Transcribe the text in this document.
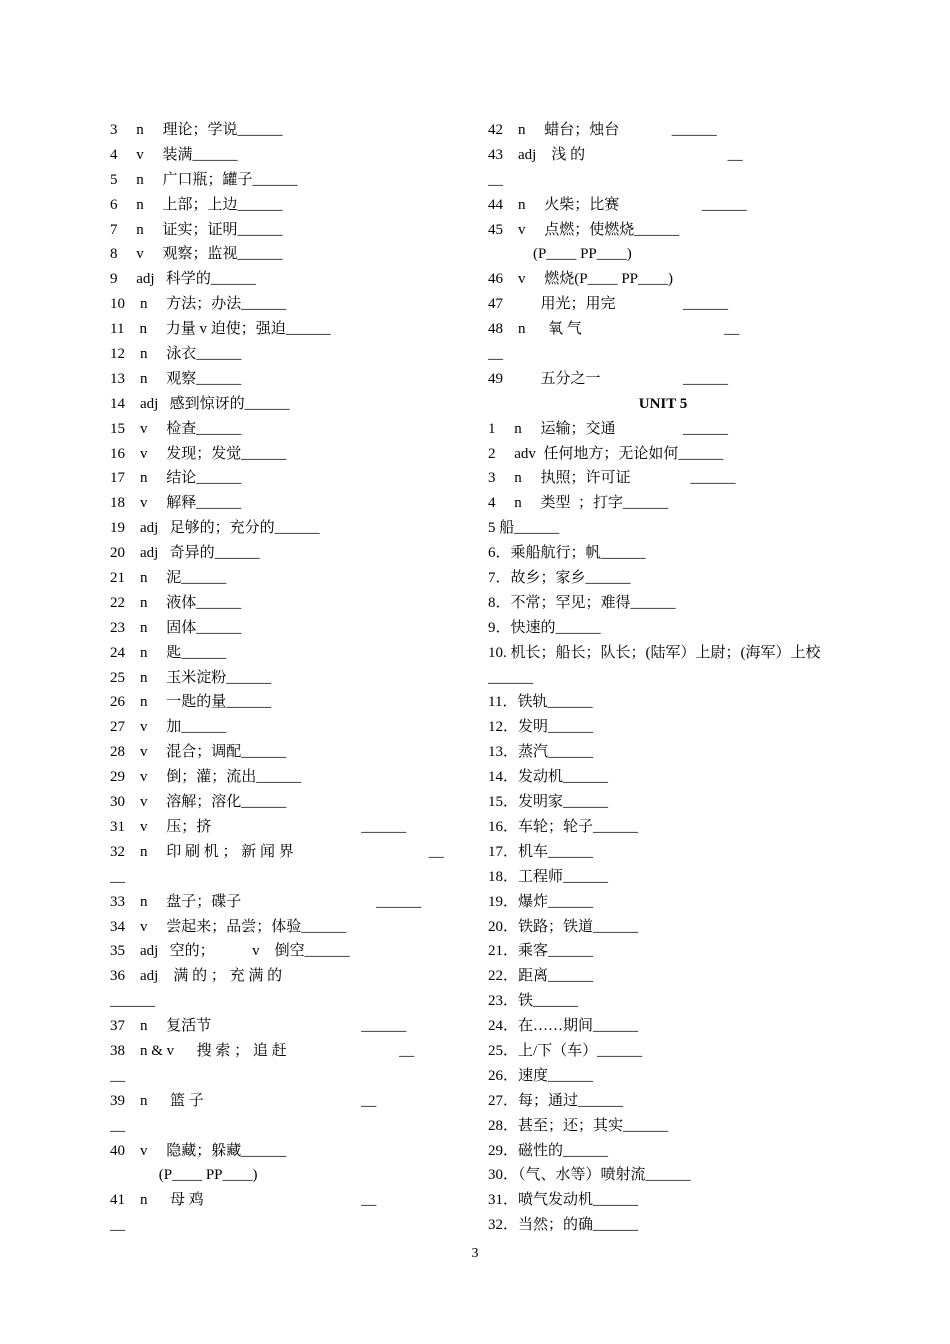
3     n     理论；学说______
4     v     装满______
5     n     广口瓶；罐子______
6     n     上部；上边______
7     n     证实；证明______
8     v     观察；监视______
9     adj   科学的______
10    n     方法；办法______
11    n     力量 v 迫使；强迫______
12    n     泳衣______
13    n     观察______
14    adj   感到惊讶的______
15    v     检查______
16    v     发现；发觉______
17    n     结论______
18    v     解释______
19    adj   足够的；充分的______
20    adj   奇异的______
21    n     泥______
22    n     液体______
23    n     固体______
24    n     匙______
25    n     玉米淀粉______
26    n     一匙的量______
27    v     加______
28    v     混合；调配______
29    v     倒；灌；流出______
30    v     溶解；溶化______
31    v     压；挤                                        ______
32    n     印 刷 机 ； 新 闻 界                                    __
__
33    n     盘子；碟子                                    ______
34    v     尝起来；品尝；体验______
35    adj   空的；          v    倒空______
36    adj    满 的 ； 充 满 的
______
37    n     复活节                                        ______
38    n & v      搜 索 ； 追 赶                              __
__
39    n      篮 子                                          __
__
40    v     隐藏；躲藏______
(P____ PP____)
41    n      母 鸡                                          __
__
42    n     蜡台；烛台              ______
43    adj    浅 的                                      __
__
44    n     火柴；比赛                      ______
45    v     点燃；使燃烧______
(P____ PP____)
46    v     燃烧(P____ PP____)
47          用光；用完                  ______
48    n      氧 气                                      __
__
49          五分之一                      ______
UNIT 5
1     n     运输；交通                  ______
2     adv  任何地方；无论如何______
3     n     执照；许可证                ______
4     n     类型  ；打字______
5 船______
6．乘船航行；帆______
7．故乡；家乡______
8．不常；罕见；难得______
9．快速的______
10. 机长；船长；队长；(陆军）上尉；(海军）上校
______
11．铁轨______
12．发明______
13．蒸汽______
14．发动机______
15．发明家______
16．车轮；轮子______
17．机车______
18．工程师______
19．爆炸______
20．铁路；铁道______
21．乘客______
22．距离______
23．铁______
24．在……期间______
25．上/下（车）______
26．速度______
27．每；通过______
28．甚至；还；其实______
29．磁性的______
30．（气、水等）喷射流______
31．喷气发动机______
32．当然；的确______
3
